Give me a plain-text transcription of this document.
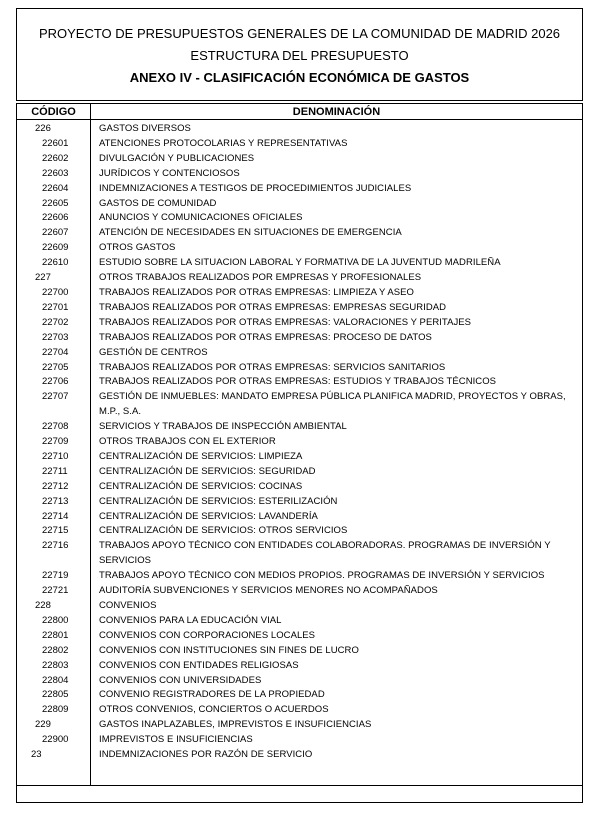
PROYECTO DE PRESUPUESTOS GENERALES DE LA COMUNIDAD DE MADRID 2026
ESTRUCTURA DEL PRESUPUESTO
ANEXO IV - CLASIFICACIÓN ECONÓMICA DE GASTOS
CÓDIGO	DENOMINACIÓN
226	GASTOS DIVERSOS
22601	ATENCIONES PROTOCOLARIAS Y REPRESENTATIVAS
22602	DIVULGACIÓN Y PUBLICACIONES
22603	JURÍDICOS Y CONTENCIOSOS
22604	INDEMNIZACIONES A TESTIGOS DE PROCEDIMIENTOS JUDICIALES
22605	GASTOS DE COMUNIDAD
22606	ANUNCIOS Y COMUNICACIONES OFICIALES
22607	ATENCIÓN DE NECESIDADES EN SITUACIONES DE EMERGENCIA
22609	OTROS GASTOS
22610	ESTUDIO SOBRE LA SITUACION LABORAL Y FORMATIVA DE LA JUVENTUD MADRILEÑA
227	OTROS TRABAJOS REALIZADOS POR EMPRESAS Y PROFESIONALES
22700	TRABAJOS REALIZADOS POR OTRAS EMPRESAS: LIMPIEZA Y ASEO
22701	TRABAJOS REALIZADOS POR OTRAS EMPRESAS: EMPRESAS SEGURIDAD
22702	TRABAJOS REALIZADOS POR OTRAS EMPRESAS: VALORACIONES Y PERITAJES
22703	TRABAJOS REALIZADOS POR OTRAS EMPRESAS: PROCESO DE DATOS
22704	GESTIÓN DE CENTROS
22705	TRABAJOS REALIZADOS POR OTRAS EMPRESAS: SERVICIOS SANITARIOS
22706	TRABAJOS REALIZADOS POR OTRAS EMPRESAS: ESTUDIOS Y TRABAJOS TÉCNICOS
22707	GESTIÓN DE INMUEBLES: MANDATO EMPRESA PÚBLICA PLANIFICA MADRID, PROYECTOS Y OBRAS, M.P., S.A.
22708	SERVICIOS Y TRABAJOS DE INSPECCIÓN AMBIENTAL
22709	OTROS TRABAJOS CON EL EXTERIOR
22710	CENTRALIZACIÓN DE SERVICIOS: LIMPIEZA
22711	CENTRALIZACIÓN DE SERVICIOS: SEGURIDAD
22712	CENTRALIZACIÓN DE SERVICIOS: COCINAS
22713	CENTRALIZACIÓN DE SERVICIOS: ESTERILIZACIÓN
22714	CENTRALIZACIÓN DE SERVICIOS: LAVANDERÍA
22715	CENTRALIZACIÓN DE SERVICIOS: OTROS SERVICIOS
22716	TRABAJOS APOYO TÉCNICO CON ENTIDADES COLABORADORAS. PROGRAMAS DE INVERSIÓN Y SERVICIOS
22719	TRABAJOS APOYO TÉCNICO CON MEDIOS PROPIOS. PROGRAMAS DE INVERSIÓN Y SERVICIOS
22721	AUDITORÍA SUBVENCIONES Y SERVICIOS MENORES NO ACOMPAÑADOS
228	CONVENIOS
22800	CONVENIOS PARA LA EDUCACIÓN VIAL
22801	CONVENIOS CON CORPORACIONES LOCALES
22802	CONVENIOS CON INSTITUCIONES SIN FINES DE LUCRO
22803	CONVENIOS CON ENTIDADES RELIGIOSAS
22804	CONVENIOS CON UNIVERSIDADES
22805	CONVENIO REGISTRADORES DE LA PROPIEDAD
22809	OTROS CONVENIOS, CONCIERTOS O ACUERDOS
229	GASTOS INAPLAZABLES, IMPREVISTOS E INSUFICIENCIAS
22900	IMPREVISTOS E INSUFICIENCIAS
23	INDEMNIZACIONES POR RAZÓN DE SERVICIO
